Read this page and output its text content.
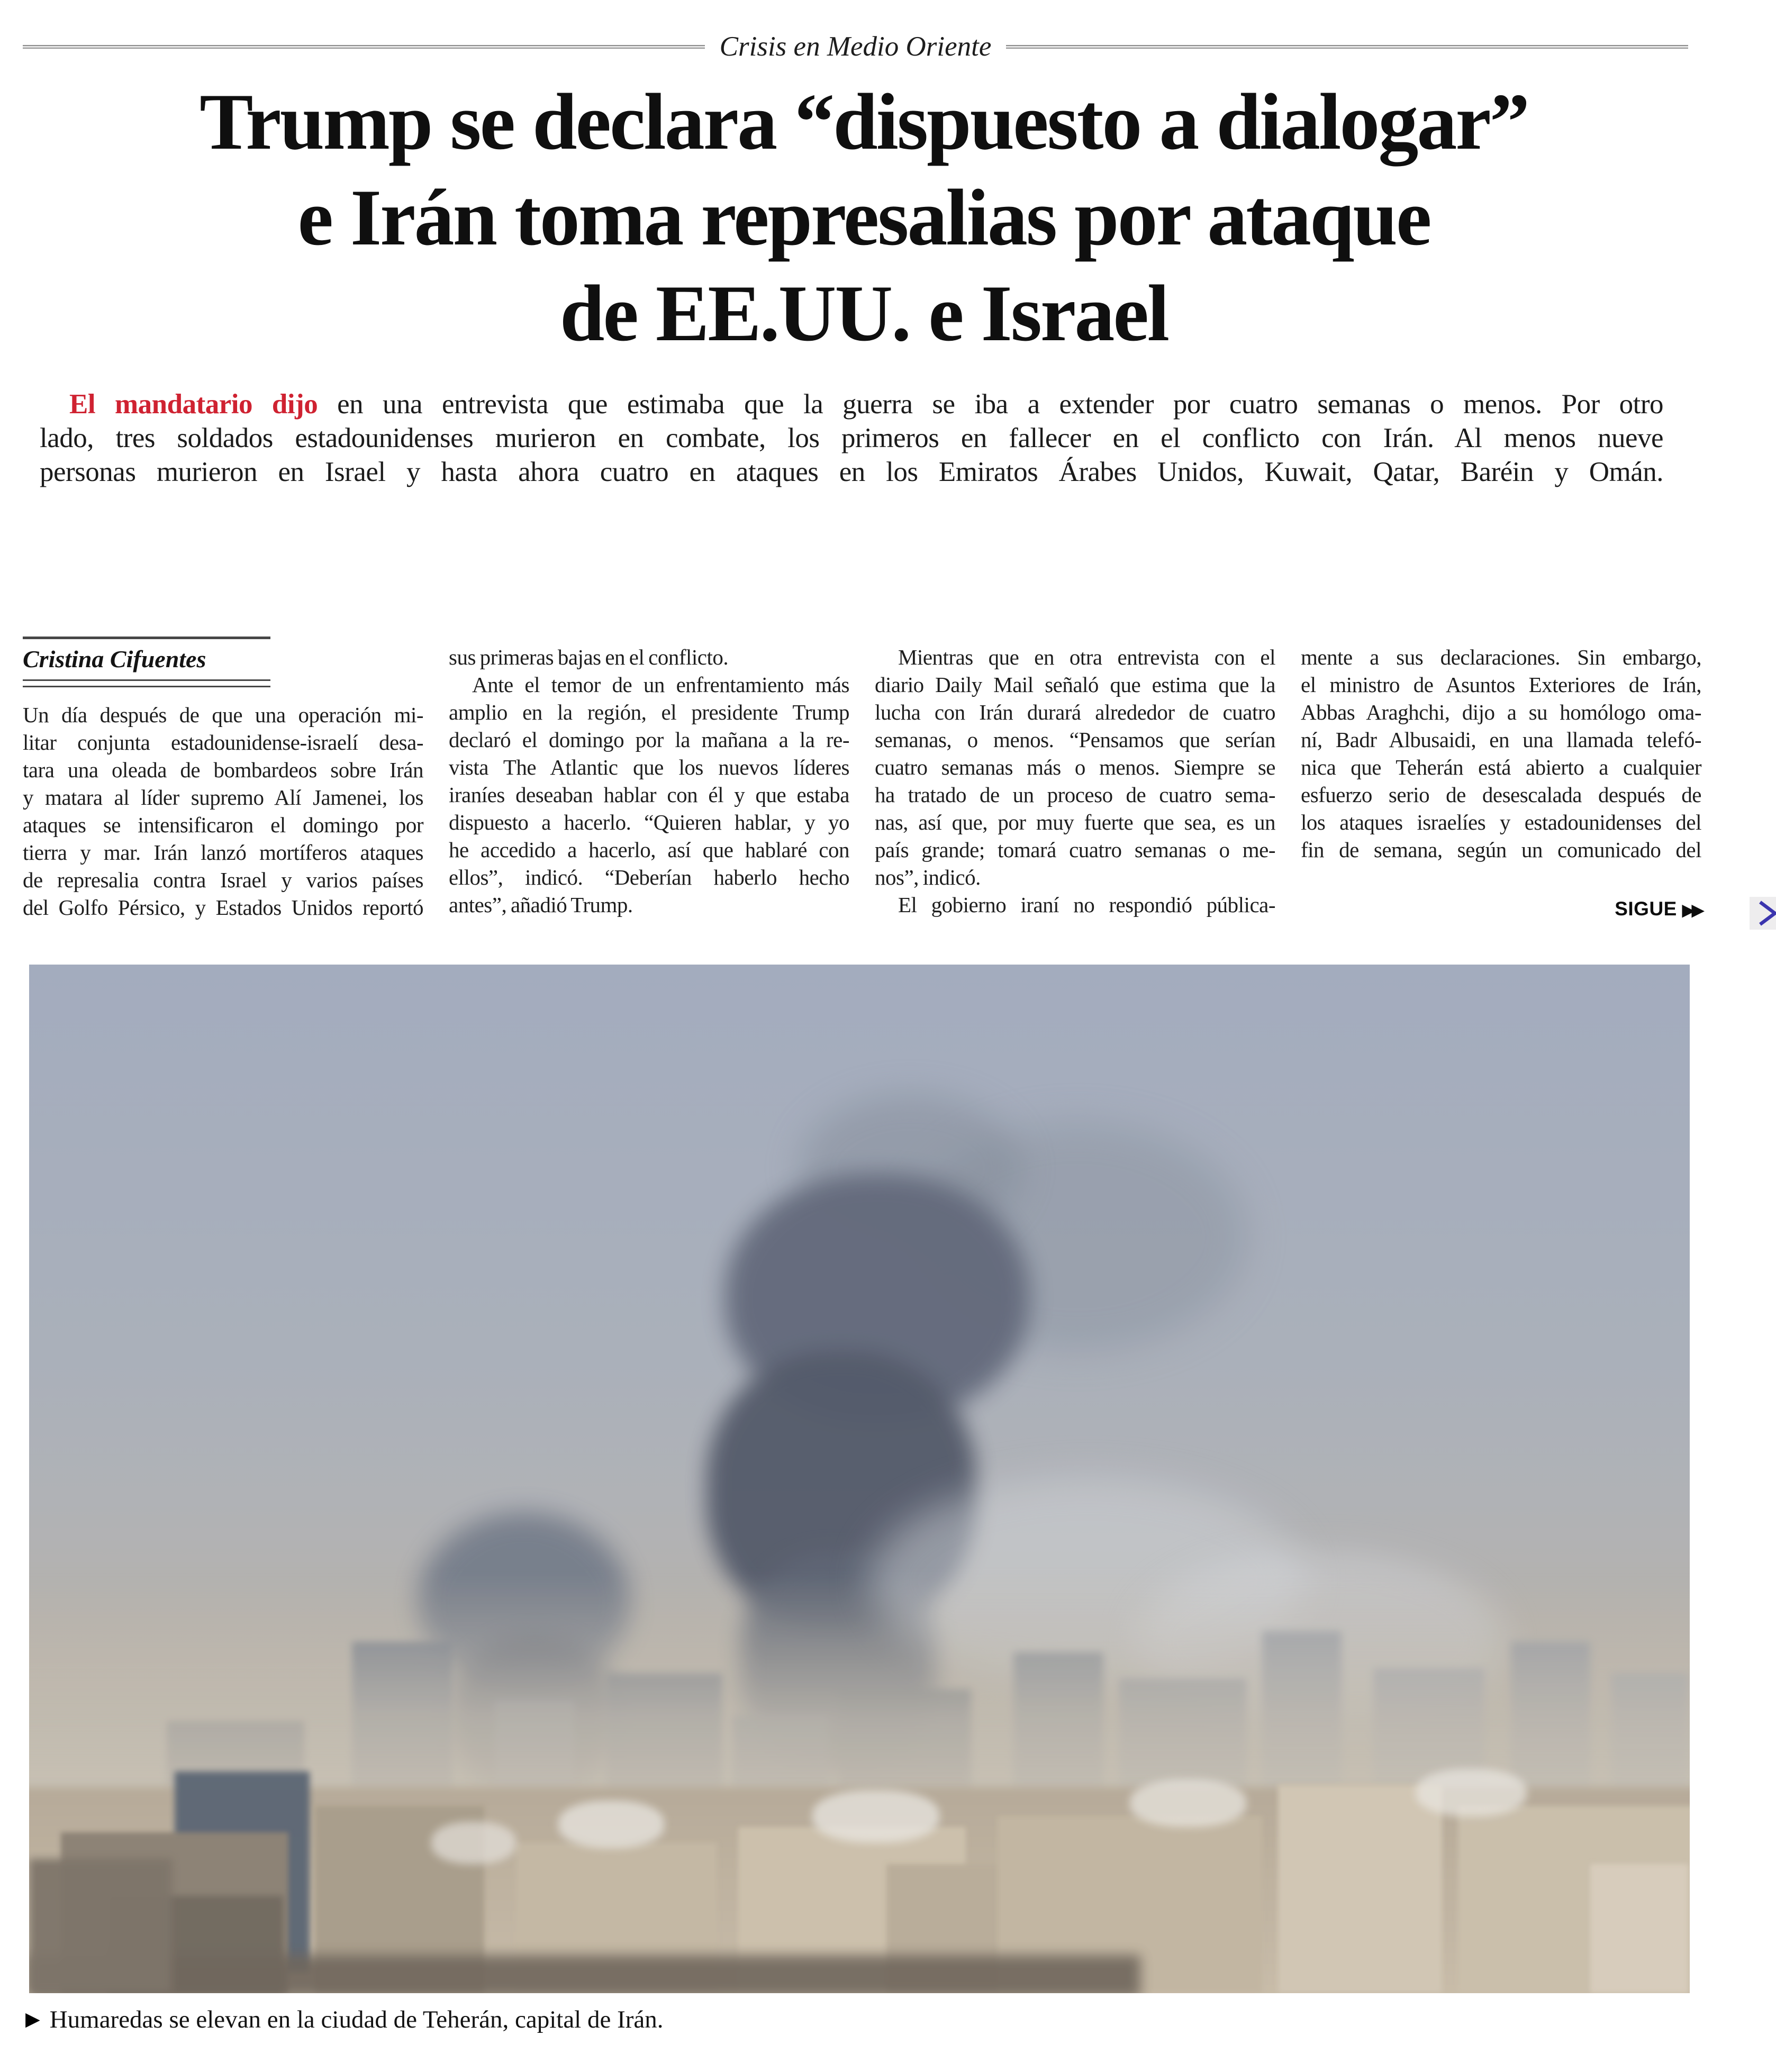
Crisis en Medio Oriente
Trump se declara “dispuesto a dialogar”
e Irán toma represalias por ataque
de EE.UU. e Israel
El mandatario dijo en una entrevista que estimaba que la guerra se iba a extender por cuatro semanas o menos. Por otro
lado, tres soldados estadounidenses murieron en combate, los primeros en fallecer en el conflicto con Irán. Al menos nueve
personas murieron en Israel y hasta ahora cuatro en ataques en los Emiratos Árabes Unidos, Kuwait, Qatar, Baréin y Omán.
Cristina Cifuentes
Un día después de que una operación mi-
litar conjunta estadounidense-israelí desa-
tara una oleada de bombardeos sobre Irán
y matara al líder supremo Alí Jamenei, los
ataques se intensificaron el domingo por
tierra y mar. Irán lanzó mortíferos ataques
de represalia contra Israel y varios países
del Golfo Pérsico, y Estados Unidos reportó
sus primeras bajas en el conflicto.
Ante el temor de un enfrentamiento más
amplio en la región, el presidente Trump
declaró el domingo por la mañana a la re-
vista The Atlantic que los nuevos líderes
iraníes deseaban hablar con él y que estaba
dispuesto a hacerlo. “Quieren hablar, y yo
he accedido a hacerlo, así que hablaré con
ellos”, indicó. “Deberían haberlo hecho
antes”, añadió Trump.
Mientras que en otra entrevista con el
diario Daily Mail señaló que estima que la
lucha con Irán durará alrededor de cuatro
semanas, o menos. “Pensamos que serían
cuatro semanas más o menos. Siempre se
ha tratado de un proceso de cuatro sema-
nas, así que, por muy fuerte que sea, es un
país grande; tomará cuatro semanas o me-
nos”, indicó.
El gobierno iraní no respondió pública-
mente a sus declaraciones. Sin embargo,
el ministro de Asuntos Exteriores de Irán,
Abbas Araghchi, dijo a su homólogo oma-
ní, Badr Albusaidi, en una llamada telefó-
nica que Teherán está abierto a cualquier
esfuerzo serio de desescalada después de
los ataques israelíes y estadounidenses del
fin de semana, según un comunicado del
SIGUE ▶▶
▶ Humaredas se elevan en la ciudad de Teherán, capital de Irán.
